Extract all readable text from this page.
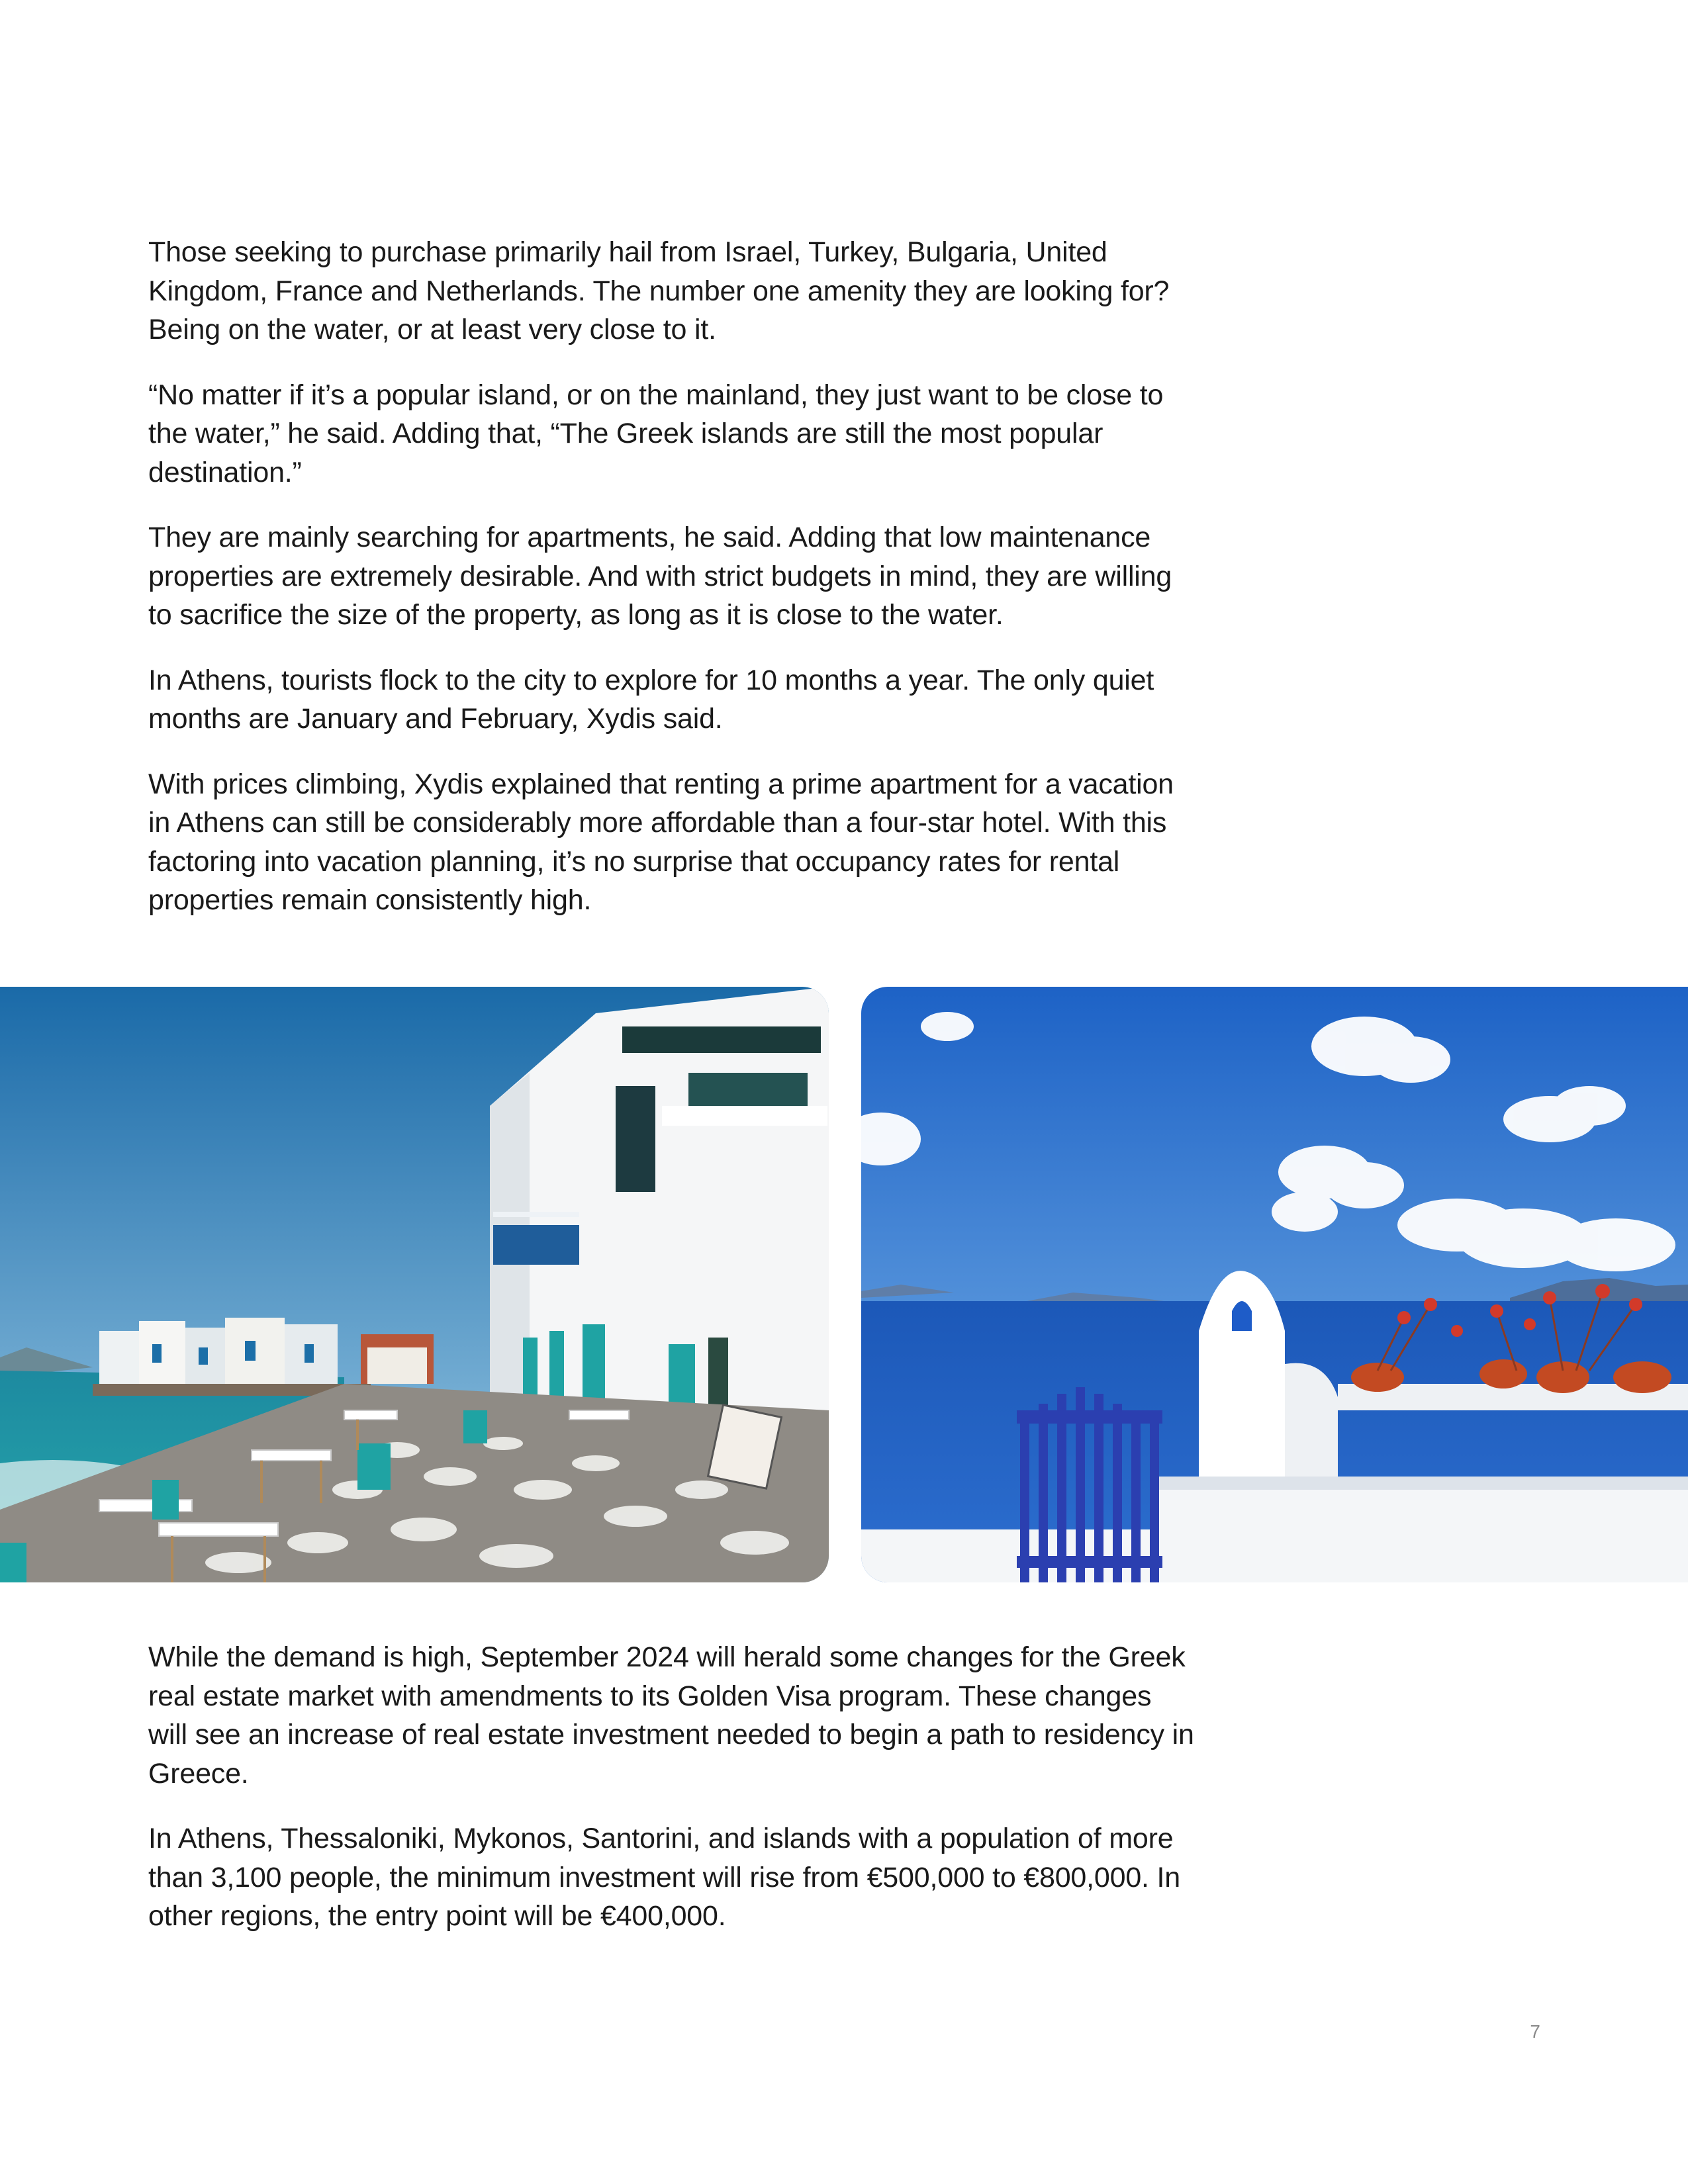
Those seeking to purchase primarily hail from Israel, Turkey, Bulgaria, United Kingdom, France and Netherlands. The number one amenity they are looking for? Being on the water, or at least very close to it.

“No matter if it’s a popular island, or on the mainland, they just want to be close to the water,” he said. Adding that, “The Greek islands are still the most popular destination.”

They are mainly searching for apartments, he said. Adding that low maintenance properties are extremely desirable. And with strict budgets in mind, they are willing to sacrifice the size of the property, as long as it is close to the water.

In Athens, tourists flock to the city to explore for 10 months a year. The only quiet months are January and February, Xydis said.

With prices climbing, Xydis explained that renting a prime apartment for a vacation in Athens can still be considerably more affordable than a four-star hotel. With this factoring into vacation planning, it’s no surprise that occupancy rates for rental properties remain consistently high.

While the demand is high, September 2024 will herald some changes for the Greek real estate market with amendments to its Golden Visa program. These changes will see an increase of real estate investment needed to begin a path to residency in Greece.

In Athens, Thessaloniki, Mykonos, Santorini, and islands with a population of more than 3,100 people, the minimum investment will rise from €500,000 to €800,000. In other regions, the entry point will be €400,000.

7
